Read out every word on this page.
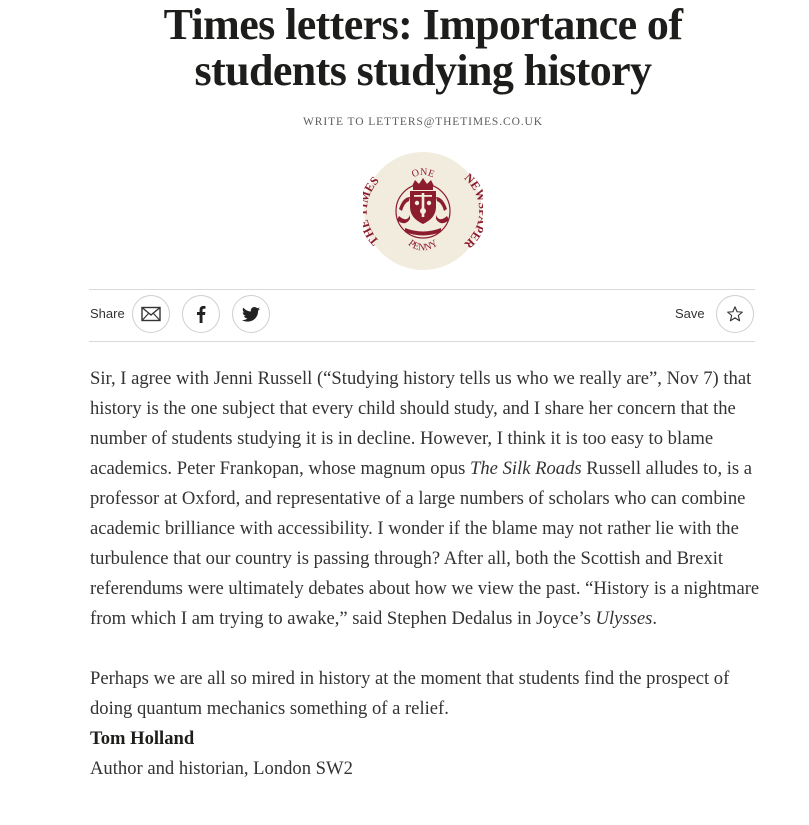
Times letters: Importance of
students studying history
WRITE TO LETTERS@THETIMES.CO.UK
T S	NE ER
ONE
PENNY
Share	Save

Sir, I agree with Jenni Russell (“Studying history tells us who we really are”, Nov 7) that history is the one subject that every child should study, and I share her concern that the number of students studying it is in decline. However, I think it is too easy to blame academics. Peter Frankopan, whose magnum opus The Silk Roads Russell alludes to, is a professor at Oxford, and representative of a large numbers of scholars who can combine academic brilliance with accessibility. I wonder if the blame may not rather lie with the turbulence that our country is passing through? After all, both the Scottish and Brexit referendums were ultimately debates about how we view the past. “History is a nightmare from which I am trying to awake,” said Stephen Dedalus in Joyce’s Ulysses.

Perhaps we are all so mired in history at the moment that students find the prospect of doing quantum mechanics something of a relief.

Tom Holland

Author and historian, London SW2
